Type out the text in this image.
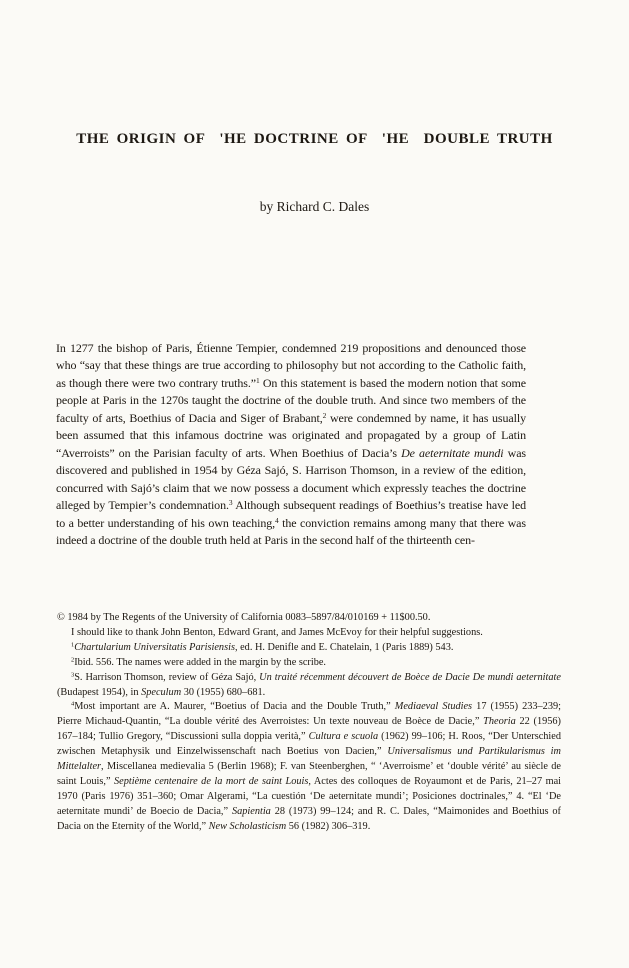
THE ORIGIN OF  'HE DOCTRINE OF  'HE  DOUBLE TRUTH
by Richard C. Dales

In 1277 the bishop of Paris, Étienne Tempier, condemned 219 propositions and denounced those who “say that these things are true according to philosophy but not according to the Catholic faith, as though there were two contrary truths.”$^1$ On this statement is based the modern notion that some people at Paris in the 1270s taught the doctrine of the double truth. And since two members of the faculty of arts, Boethius of Dacia and Siger of Brabant,$^2$ were condemned by name, it has usually been assumed that this infamous doctrine was originated and propagated by a group of Latin “Averroists” on the Parisian faculty of arts. When Boethius of Dacia’s De aeternitate mundi was discovered and published in 1954 by Géza Sajó, S. Harrison Thomson, in a review of the edition, concurred with Sajó’s claim that we now possess a document which expressly teaches the doctrine alleged by Tempier’s condemnation.$^3$ Although subsequent readings of Boethius’s treatise have led to a better understanding of his own teaching,$^4$ the conviction remains among many that there was indeed a doctrine of the double truth held at Paris in the second half of the thirteenth cen-

© 1984 by The Regents of the University of California 0083–5897/84/010169 + 11$00.50.

I should like to thank John Benton, Edward Grant, and James McEvoy for their helpful suggestions.

$^1$Chartularium Universitatis Parisiensis, ed. H. Denifle and E. Chatelain, 1 (Paris 1889) 543.

$^2$Ibid. 556. The names were added in the margin by the scribe.

$^3$S. Harrison Thomson, review of Géza Sajó, Un traité récemment découvert de Boèce de Dacie De mundi aeternitate (Budapest 1954), in Speculum 30 (1955) 680–681.

$^4$Most important are A. Maurer, “Boetius of Dacia and the Double Truth,” Mediaeval Studies 17 (1955) 233–239; Pierre Michaud-Quantin, “La double vérité des Averroistes: Un texte nouveau de Boèce de Dacie,” Theoria 22 (1956) 167–184; Tullio Gregory, “Discussioni sulla doppia verità,” Cultura e scuola (1962) 99–106; H. Roos, “Der Unterschied zwischen Metaphysik und Einzelwissenschaft nach Boetius von Dacien,” Universalismus und Partikularismus im Mittelalter, Miscellanea medievalia 5 (Berlin 1968); F. van Steenberghen, “ ‘Averroisme’ et ‘double vérité’ au siècle de saint Louis,” Septième centenaire de la mort de saint Louis, Actes des colloques de Royaumont et de Paris, 21–27 mai 1970 (Paris 1976) 351–360; Omar Algerami, “La cuestión ‘De aeternitate mundi’; Posiciones doctrinales,” 4. “El ‘De aeternitate mundi’ de Boecio de Dacia,” Sapientia 28 (1973) 99–124; and R. C. Dales, “Maimonides and Boethius of Dacia on the Eternity of the World,” New Scholasticism 56 (1982) 306–319.
